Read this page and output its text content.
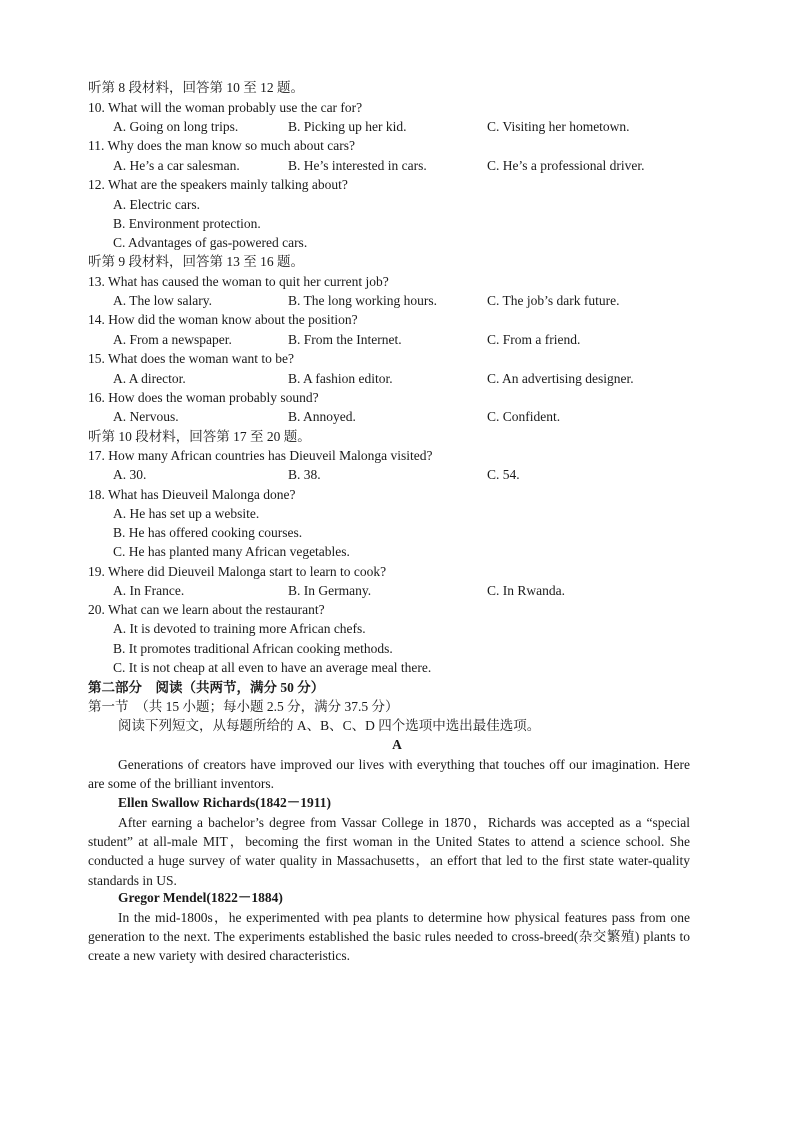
听第 8 段材料，回答第 10 至 12 题。
10. What will the woman probably use the car for?
A. Going on long trips.	B. Picking up her kid.	C. Visiting her hometown.
11. Why does the man know so much about cars?
A. He’s a car salesman.	B. He’s interested in cars.	C. He’s a professional driver.
12. What are the speakers mainly talking about?
A. Electric cars.
B. Environment protection.
C. Advantages of gas-powered cars.
听第 9 段材料，回答第 13 至 16 题。
13. What has caused the woman to quit her current job?
A. The low salary.	B. The long working hours.	C. The job’s dark future.
14. How did the woman know about the position?
A. From a newspaper.	B. From the Internet.	C. From a friend.
15. What does the woman want to be?
A. A director.	B. A fashion editor.	C. An advertising designer.
16. How does the woman probably sound?
A. Nervous.	B. Annoyed.	C. Confident.
听第 10 段材料，回答第 17 至 20 题。
17. How many African countries has Dieuveil Malonga visited?
A. 30.	B. 38.	C. 54.
18. What has Dieuveil Malonga done?
A. He has set up a website.
B. He has offered cooking courses.
C. He has planted many African vegetables.
19. Where did Dieuveil Malonga start to learn to cook?
A. In France.	B. In Germany.	C. In Rwanda.
20. What can we learn about the restaurant?
A. It is devoted to training more African chefs.
B. It promotes traditional African cooking methods.
C. It is not cheap at all even to have an average meal there.
第二部分　阅读（共两节，满分 50 分）
第一节　（共 15 小题；每小题 2.5 分，满分 37.5 分）
阅读下列短文，从每题所给的 A、B、C、D 四个选项中选出最佳选项。
A
Generations of creators have improved our lives with everything that touches off our imagination. Here are some of the brilliant inventors.
Ellen Swallow Richards(1842－1911)
After earning a bachelor’s degree from Vassar College in 1870，Richards was accepted as a “special student” at all-male MIT，becoming the first woman in the United States to attend a science school. She conducted a huge survey of water quality in Massachusetts，an effort that led to the first state water-quality standards in US.
Gregor Mendel(1822－1884)
In the mid-1800s，he experimented with pea plants to determine how physical features pass from one generation to the next. The experiments established the basic rules needed to cross-breed(杂交繁殖) plants to create a new variety with desired characteristics.
